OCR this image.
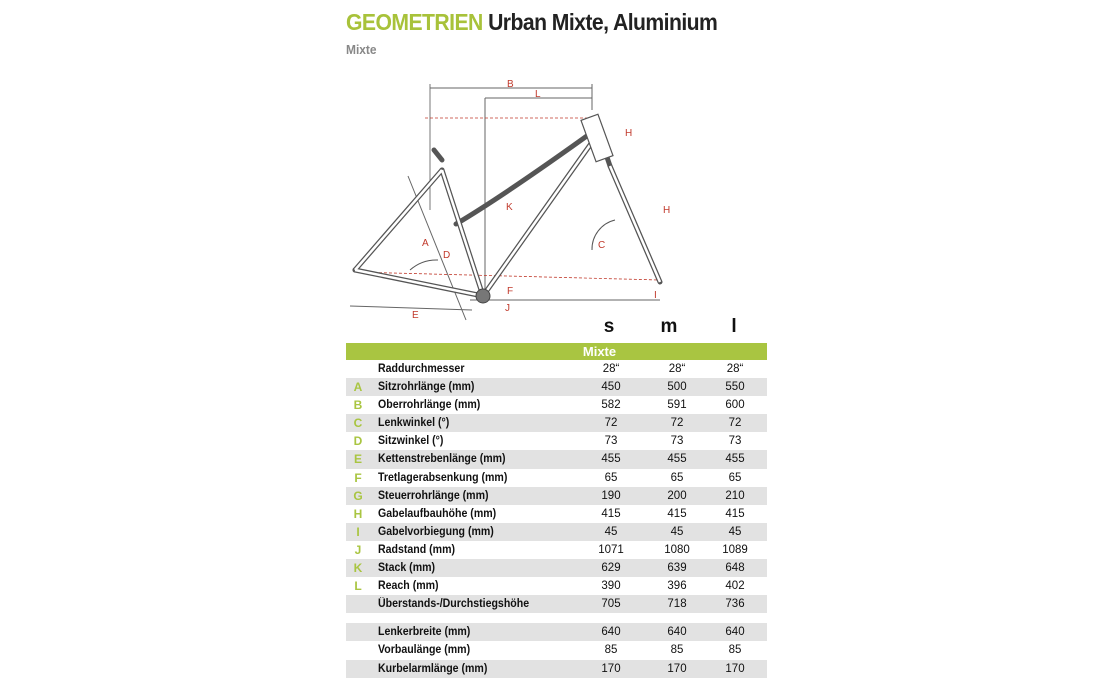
GEOMETRIEN Urban Mixte, Aluminium
Mixte
B
L
H
K
A
D
C
H
F	I
E
J
s	m	l
Mixte
Raddurchmesser	28“	28“	28“
A	Sitzrohrlänge (mm)	450	500	550
B	Oberrohrlänge (mm)	582	591	600
C	Lenkwinkel (°)	72	72	72
D	Sitzwinkel (°)	73	73	73
E	Kettenstrebenlänge (mm)	455	455	455
F	Tretlagerabsenkung (mm)	65	65	65
G	Steuerrohrlänge (mm)	190	200	210
H	Gabelaufbauhöhe (mm)	415	415	415
I	Gabelvorbiegung (mm)	45	45	45
J	Radstand (mm)	1071	1080	1089
K	Stack (mm)	629	639	648
L	Reach (mm)	390	396	402
Überstands-/Durchstiegshöhe	705	718	736
Lenkerbreite (mm)	640	640	640
Vorbaulänge (mm)	85	85	85
Kurbelarmlänge (mm)	170	170	170
